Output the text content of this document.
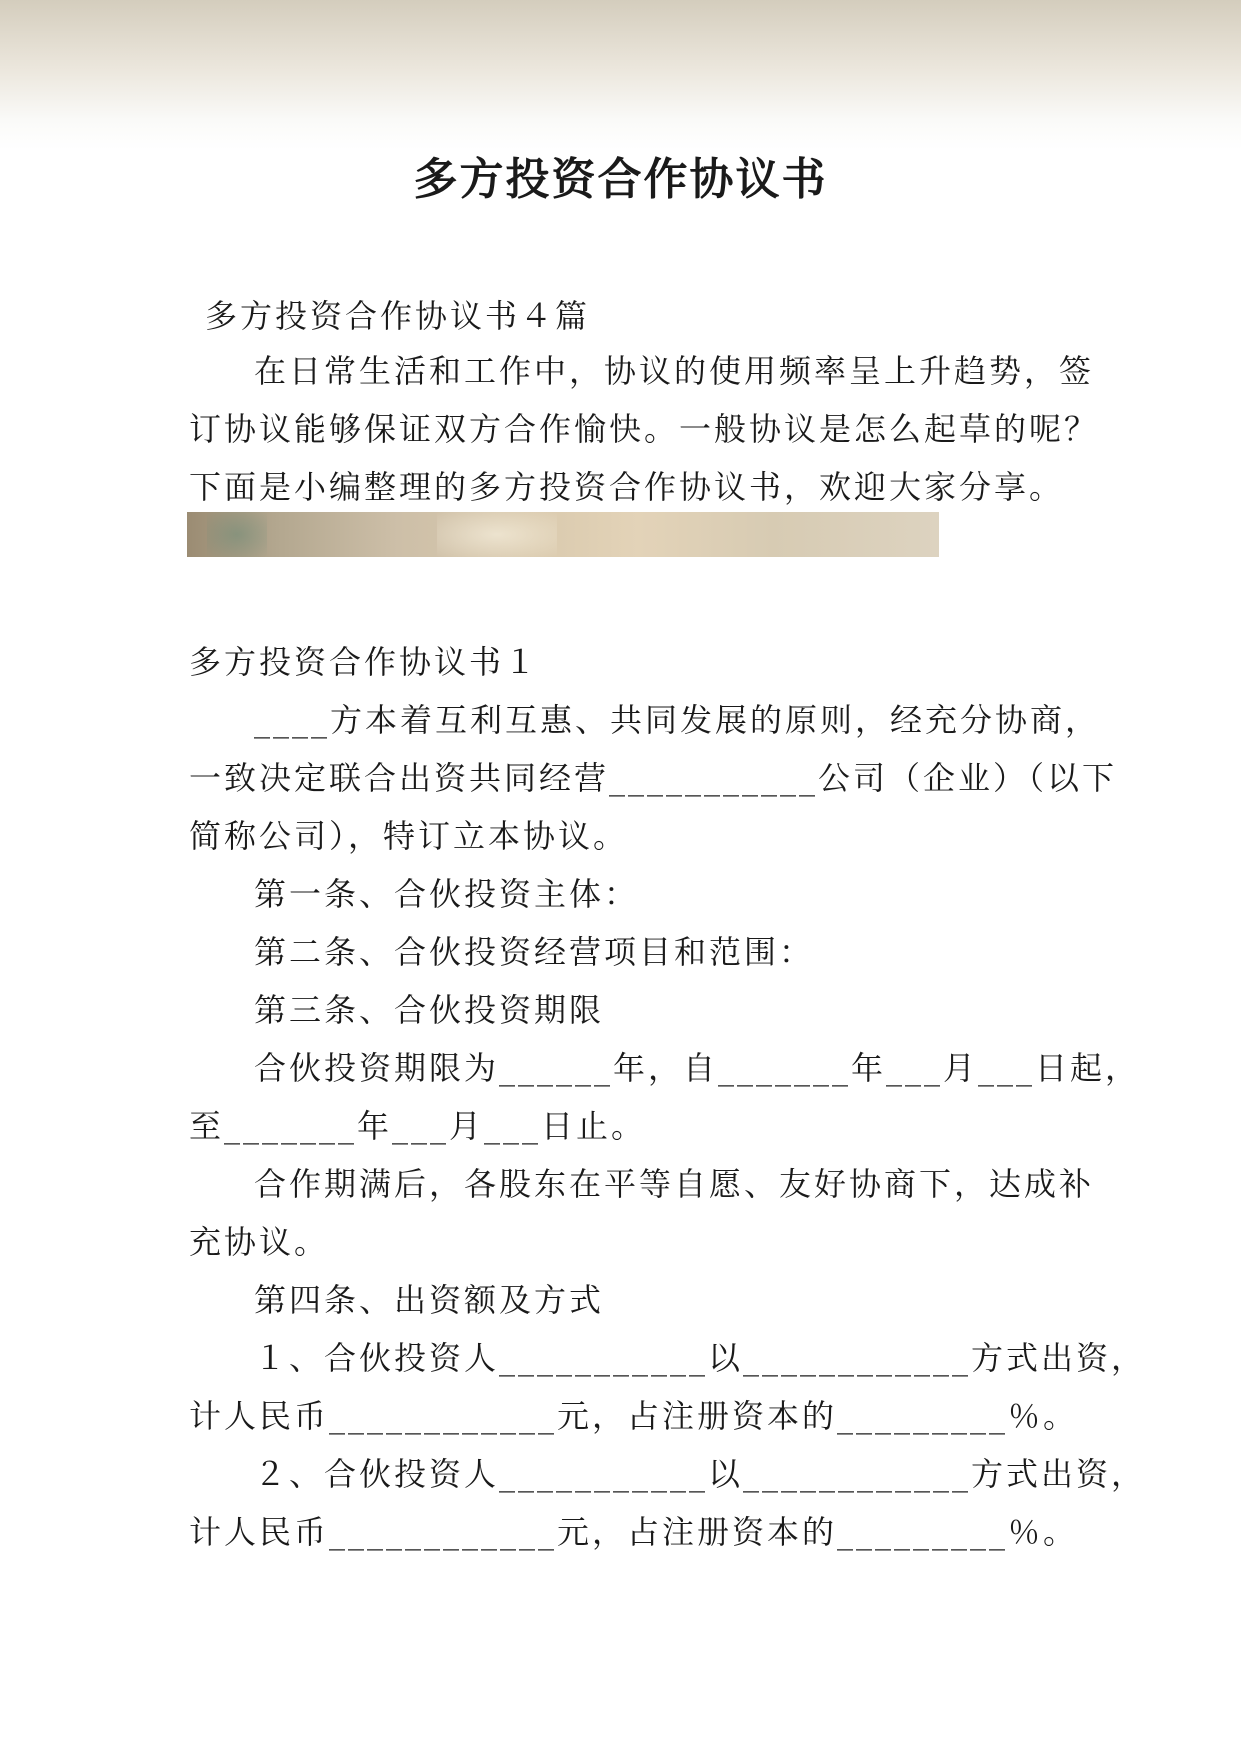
多方投资合作协议书
多方投资合作协议书４篇
在日常生活和工作中，协议的使用频率呈上升趋势，签
订协议能够保证双方合作愉快。一般协议是怎么起草的呢？
下面是小编整理的多方投资合作协议书，欢迎大家分享。
多方投资合作协议书１
____方本着互利互惠、共同发展的原则，经充分协商，
一致决定联合出资共同经营___________公司（企业）（以下
简称公司），特订立本协议。
第一条、合伙投资主体：
第二条、合伙投资经营项目和范围：
第三条、合伙投资期限
合伙投资期限为______年，自_______年___月___日起，
至_______年___月___日止。
合作期满后，各股东在平等自愿、友好协商下，达成补
充协议。
第四条、出资额及方式
１、合伙投资人___________以____________方式出资，
计人民币____________元，占注册资本的_________％。
２、合伙投资人___________以____________方式出资，
计人民币____________元，占注册资本的_________％。
